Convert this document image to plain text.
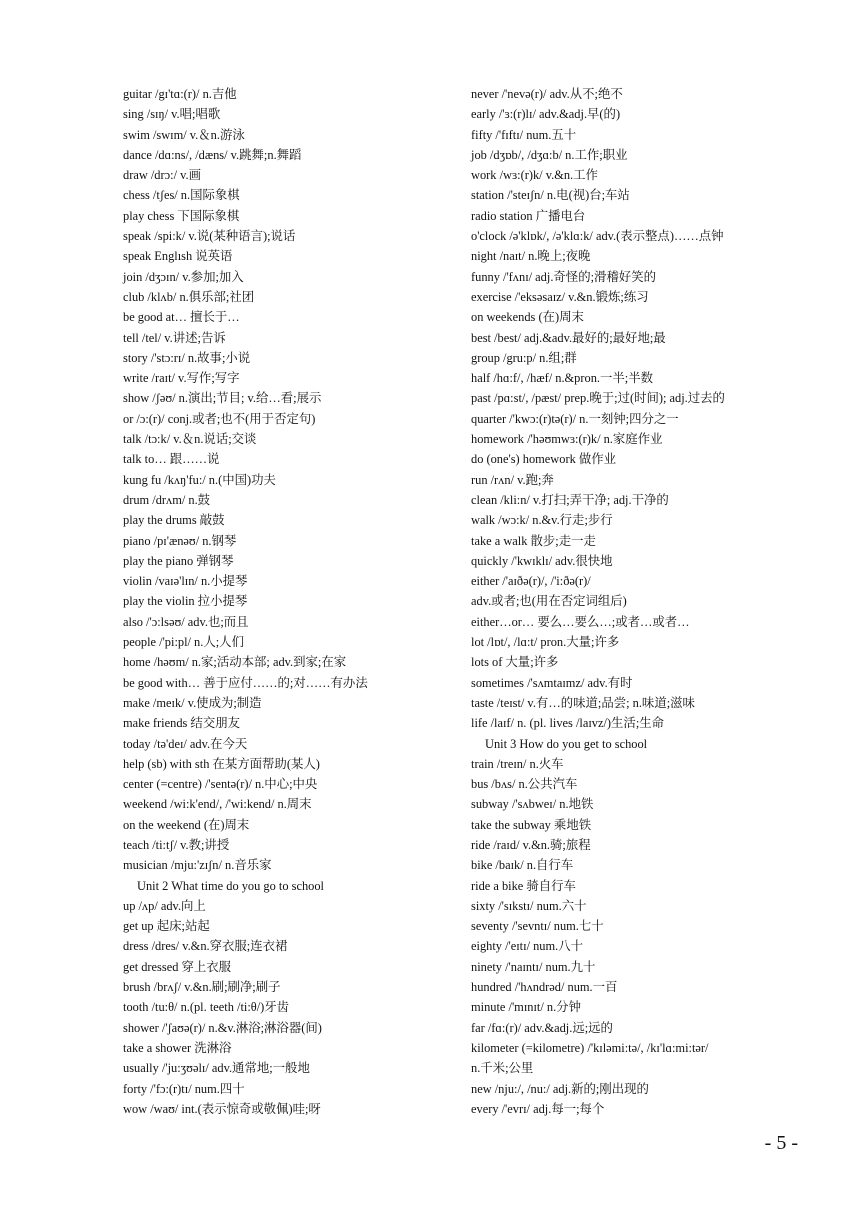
guitar /gɪ'tɑ:(r)/ n.吉他
sing /sɪŋ/ v.唱;唱歌
swim /swɪm/ v.＆n.游泳
dance /dɑ:ns/, /dæns/ v.跳舞;n.舞蹈
draw /drɔ:/ v.画
chess /tʃes/ n.国际象棋
play chess 下国际象棋
speak /spi:k/ v.说(某种语言);说话
speak Englısh 说英语
join /dʒɔɪn/ v.参加;加入
club /klʌb/ n.俱乐部;社团
be good at… 擅长于…
tell /tel/ v.讲述;告诉
story /'stɔ:rɪ/ n.故事;小说
write /raɪt/ v.写作;写字
show /ʃəʊ/ n.演出;节目; v.给…看;展示
or /ɔ:(r)/ conj.或者;也不(用于否定句)
talk /tɔ:k/ v.＆n.说话;交谈
talk to… 跟……说
kung fu /kʌŋ'fu:/ n.(中国)功夫
drum /drʌm/ n.鼓
play the drums 敲鼓
piano /pɪ'ænəʊ/ n.钢琴
play the piano 弹钢琴
violin /vaɪə'lɪn/ n.小提琴
play the violin 拉小提琴
also /'ɔ:lsəʊ/ adv.也;而且
people /'pi:pl/ n.人;人们
home /həʊm/ n.家;活动本部; adv.到家;在家
be good with… 善于应付……的;对……有办法
make /meɪk/ v.使成为;制造
make friends 结交朋友
today /tə'deɪ/ adv.在今天
help (sb) with sth 在某方面帮助(某人)
center (=centre) /'sentə(r)/ n.中心;中央
weekend /wi:k'end/, /'wi:kend/ n.周末
on the weekend (在)周末
teach /ti:tʃ/ v.教;讲授
musician /mju:'zɪʃn/ n.音乐家
Unit 2 What time do you go to school
up /ʌp/ adv.向上
get up 起床;站起
dress /dres/ v.&n.穿衣服;连衣裙
get dressed 穿上衣服
brush /brʌʃ/ v.&n.刷;刷净;刷子
tooth /tu:θ/ n.(pl. teeth /ti:θ/)牙齿
shower /'ʃaʊə(r)/ n.&v.淋浴;淋浴器(间)
take a shower 洗淋浴
usually /'ju:ʒʊəlɪ/ adv.通常地;一般地
forty /'fɔ:(r)tɪ/ num.四十
wow /waʊ/ int.(表示惊奇或敬佩)哇;呀
never /'nevə(r)/ adv.从不;绝不
early /'ɜ:(r)lɪ/ adv.&adj.早(的)
fifty /'fɪftɪ/ num.五十
job /dʒɒb/, /dʒɑ:b/ n.工作;职业
work /wɜ:(r)k/ v.&n.工作
station /'steɪʃn/ n.电(视)台;车站
radio station 广播电台
o'clock /ə'klɒk/, /ə'klɑ:k/ adv.(表示整点)……点钟
night /naɪt/ n.晚上;夜晚
funny /'fʌnɪ/ adj.奇怪的;滑稽好笑的
exercise /'eksəsaɪz/ v.&n.锻炼;练习
on weekends (在)周末
best /best/ adj.&adv.最好的;最好地;最
group /gru:p/ n.组;群
half /hɑ:f/, /hæf/ n.&pron.一半;半数
past /pɑ:st/, /pæst/ prep.晚于;过(时间); adj.过去的
quarter /'kwɔ:(r)tə(r)/ n.一刻钟;四分之一
homework /'həʊmwɜ:(r)k/ n.家庭作业
do (one's) homework 做作业
run /rʌn/ v.跑;奔
clean /kli:n/ v.打扫;弄干净; adj.干净的
walk /wɔ:k/ n.&v.行走;步行
take a walk 散步;走一走
quickly /'kwɪklɪ/ adv.很快地
either /'aɪðə(r)/, /'i:ðə(r)/
adv.或者;也(用在否定词组后)
either…or… 要么…要么…;或者…或者…
lot /lɒt/, /lɑ:t/ pron.大量;许多
lots of 大量;许多
sometimes /'sʌmtaɪmz/ adv.有时
taste /teɪst/ v.有…的味道;品尝; n.味道;滋味
life /laɪf/ n. (pl. lives /laɪvz/)生活;生命
Unit 3 How do you get to school
train /treɪn/ n.火车
bus /bʌs/ n.公共汽车
subway /'sʌbweɪ/ n.地铁
take the subway 乘地铁
ride /raɪd/ v.&n.骑;旅程
bike /baɪk/ n.自行车
ride a bike 骑自行车
sixty /'sɪkstɪ/ num.六十
seventy /'sevntɪ/ num.七十
eighty /'eɪtɪ/ num.八十
ninety /'naɪntɪ/ num.九十
hundred /'hʌndrəd/ num.一百
minute /'mɪnɪt/ n.分钟
far /fɑ:(r)/ adv.&adj.远;远的
kilometer (=kilometre) /'kɪləmi:tə/, /kɪ'lɑ:mi:tər/
n.千米;公里
new /nju:/, /nu:/ adj.新的;刚出现的
every /'evrɪ/ adj.每一;每个
- 5 -
